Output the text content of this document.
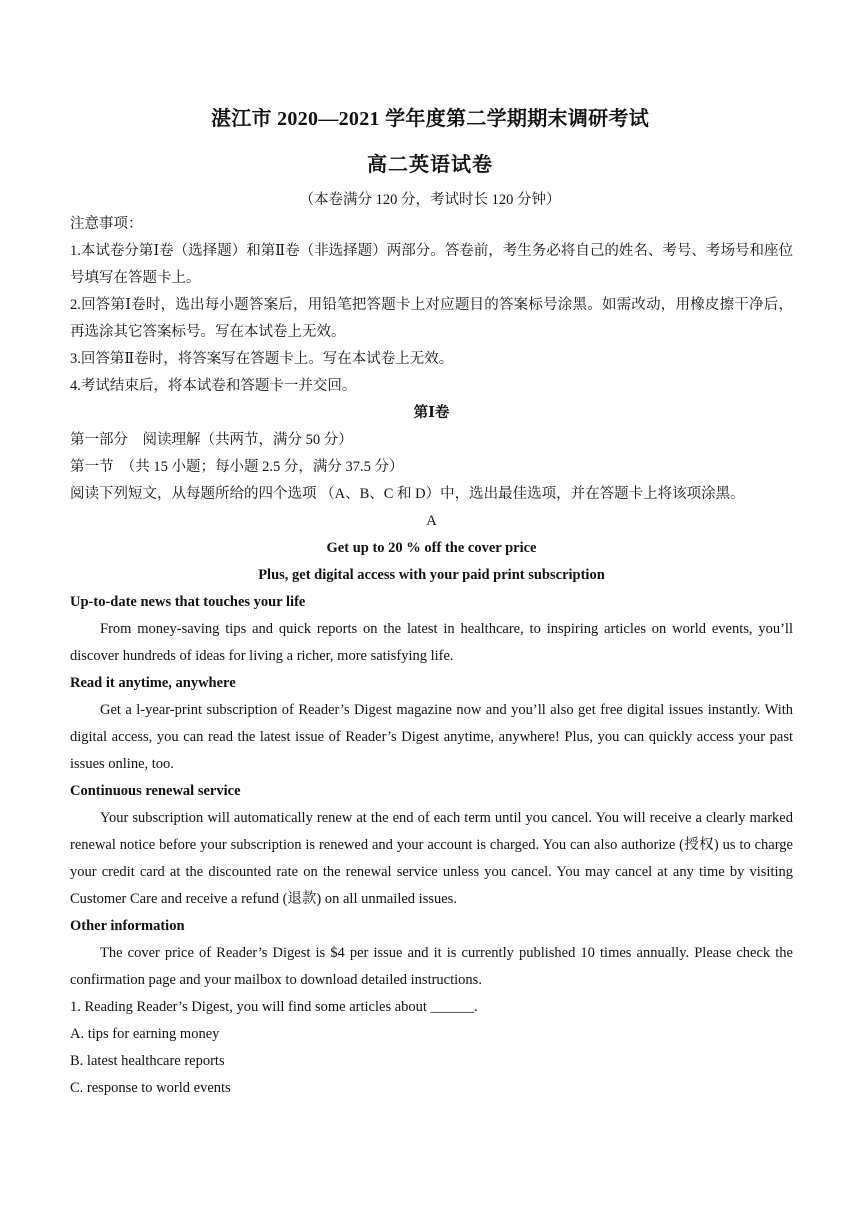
湛江市 2020—2021 学年度第二学期期末调研考试
高二英语试卷
（本卷满分 120 分，考试时长 120 分钟）

注意事项：

1.本试卷分第Ⅰ卷（选择题）和第Ⅱ卷（非选择题）两部分。答卷前，考生务必将自己的姓名、考号、考场号和座位号填写在答题卡上。

2.回答第Ⅰ卷时，选出每小题答案后，用铅笔把答题卡上对应题目的答案标号涂黑。如需改动，用橡皮擦干净后，再选涂其它答案标号。写在本试卷上无效。

3.回答第Ⅱ卷时，将答案写在答题卡上。写在本试卷上无效。

4.考试结束后，将本试卷和答题卡一并交回。

第Ⅰ卷

第一部分　阅读理解（共两节，满分 50 分）

第一节　（共 15 小题；每小题 2.5 分，满分 37.5 分）

阅读下列短文，从每题所给的四个选项 （A、B、C 和 D）中，选出最佳选项，并在答题卡上将该项涂黑。

A

Get up to 20 % off the cover price

Plus, get digital access with your paid print subscription

Up-to-date news that touches your life

From money-saving tips and quick reports on the latest in healthcare, to inspiring articles on world events, you’ll discover hundreds of ideas for living a richer, more satisfying life.

Read it anytime, anywhere

Get a l-year-print subscription of Reader’s Digest magazine now and you’ll also get free digital issues instantly. With digital access, you can read the latest issue of Reader’s Digest anytime, anywhere! Plus, you can quickly access your past issues online, too.

Continuous renewal service

Your subscription will automatically renew at the end of each term until you cancel. You will receive a clearly marked renewal notice before your subscription is renewed and your account is charged. You can also authorize (授权) us to charge your credit card at the discounted rate on the renewal service unless you cancel. You may cancel at any time by visiting Customer Care and receive a refund (退款) on all unmailed issues.

Other information

The cover price of Reader’s Digest is $4 per issue and it is currently published 10 times annually. Please check the confirmation page and your mailbox to download detailed instructions.

1. Reading Reader’s Digest, you will find some articles about ______.

A. tips for earning money

B. latest healthcare reports

C. response to world events
